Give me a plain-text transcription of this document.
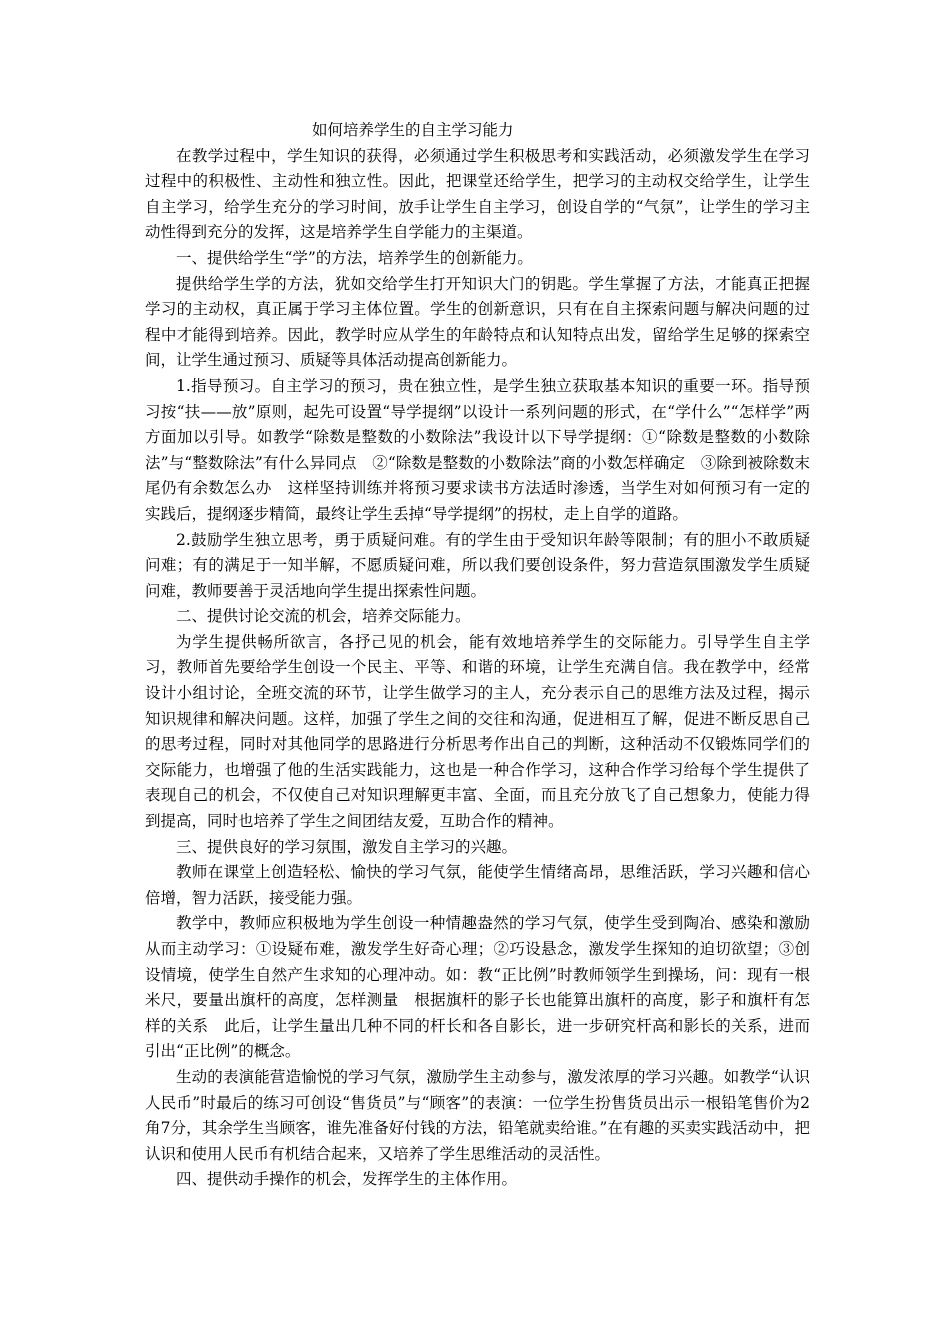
如何培养学生的自主学习能力

在教学过程中，学生知识的获得，必须通过学生积极思考和实践活动，必须激发学生在学习过程中的积极性、主动性和独立性。因此，把课堂还给学生，把学习的主动权交给学生，让学生自主学习，给学生充分的学习时间，放手让学生自主学习，创设自学的“气氛”，让学生的学习主动性得到充分的发挥，这是培养学生自学能力的主渠道。

一、提供给学生“学”的方法，培养学生的创新能力。

提供给学生学的方法，犹如交给学生打开知识大门的钥匙。学生掌握了方法，才能真正把握学习的主动权，真正属于学习主体位置。学生的创新意识，只有在自主探索问题与解决问题的过程中才能得到培养。因此，教学时应从学生的年龄特点和认知特点出发，留给学生足够的探索空间，让学生通过预习、质疑等具体活动提高创新能力。

1.指导预习。自主学习的预习，贵在独立性，是学生独立获取基本知识的重要一环。指导预习按“扶——放”原则，起先可设置“导学提纲”以设计一系列问题的形式，在“学什么”“怎样学”两方面加以引导。如教学“除数是整数的小数除法”我设计以下导学提纲：①“除数是整数的小数除法”与“整数除法”有什么异同点　②“除数是整数的小数除法”商的小数怎样确定　③除到被除数末尾仍有余数怎么办　这样坚持训练并将预习要求读书方法适时渗透，当学生对如何预习有一定的实践后，提纲逐步精简，最终让学生丢掉“导学提纲”的拐杖，走上自学的道路。

2.鼓励学生独立思考，勇于质疑问难。有的学生由于受知识年龄等限制；有的胆小不敢质疑问难；有的满足于一知半解，不愿质疑问难，所以我们要创设条件，努力营造氛围激发学生质疑问难，教师要善于灵活地向学生提出探索性问题。

二、提供讨论交流的机会，培养交际能力。

为学生提供畅所欲言，各抒己见的机会，能有效地培养学生的交际能力。引导学生自主学习，教师首先要给学生创设一个民主、平等、和谐的环境，让学生充满自信。我在教学中，经常设计小组讨论，全班交流的环节，让学生做学习的主人，充分表示自己的思维方法及过程，揭示知识规律和解决问题。这样，加强了学生之间的交往和沟通，促进相互了解，促进不断反思自己的思考过程，同时对其他同学的思路进行分析思考作出自己的判断，这种活动不仅锻炼同学们的交际能力，也增强了他的生活实践能力，这也是一种合作学习，这种合作学习给每个学生提供了表现自己的机会，不仅使自己对知识理解更丰富、全面，而且充分放飞了自己想象力，使能力得到提高，同时也培养了学生之间团结友爱，互助合作的精神。

三、提供良好的学习氛围，激发自主学习的兴趣。

教师在课堂上创造轻松、愉快的学习气氛，能使学生情绪高昂，思维活跃，学习兴趣和信心倍增，智力活跃，接受能力强。

教学中，教师应积极地为学生创设一种情趣盎然的学习气氛，使学生受到陶冶、感染和激励从而主动学习：①设疑布难，激发学生好奇心理；②巧设悬念，激发学生探知的迫切欲望；③创设情境，使学生自然产生求知的心理冲动。如：教“正比例”时教师领学生到操场，问：现有一根米尺，要量出旗杆的高度，怎样测量　根据旗杆的影子长也能算出旗杆的高度，影子和旗杆有怎样的关系　此后，让学生量出几种不同的杆长和各自影长，进一步研究杆高和影长的关系，进而引出“正比例”的概念。

生动的表演能营造愉悦的学习气氛，激励学生主动参与，激发浓厚的学习兴趣。如教学“认识人民币”时最后的练习可创设“售货员”与“顾客”的表演：一位学生扮售货员出示一根铅笔售价为2角7分，其余学生当顾客，谁先准备好付钱的方法，铅笔就卖给谁。”在有趣的买卖实践活动中，把认识和使用人民币有机结合起来，又培养了学生思维活动的灵活性。

四、提供动手操作的机会，发挥学生的主体作用。
